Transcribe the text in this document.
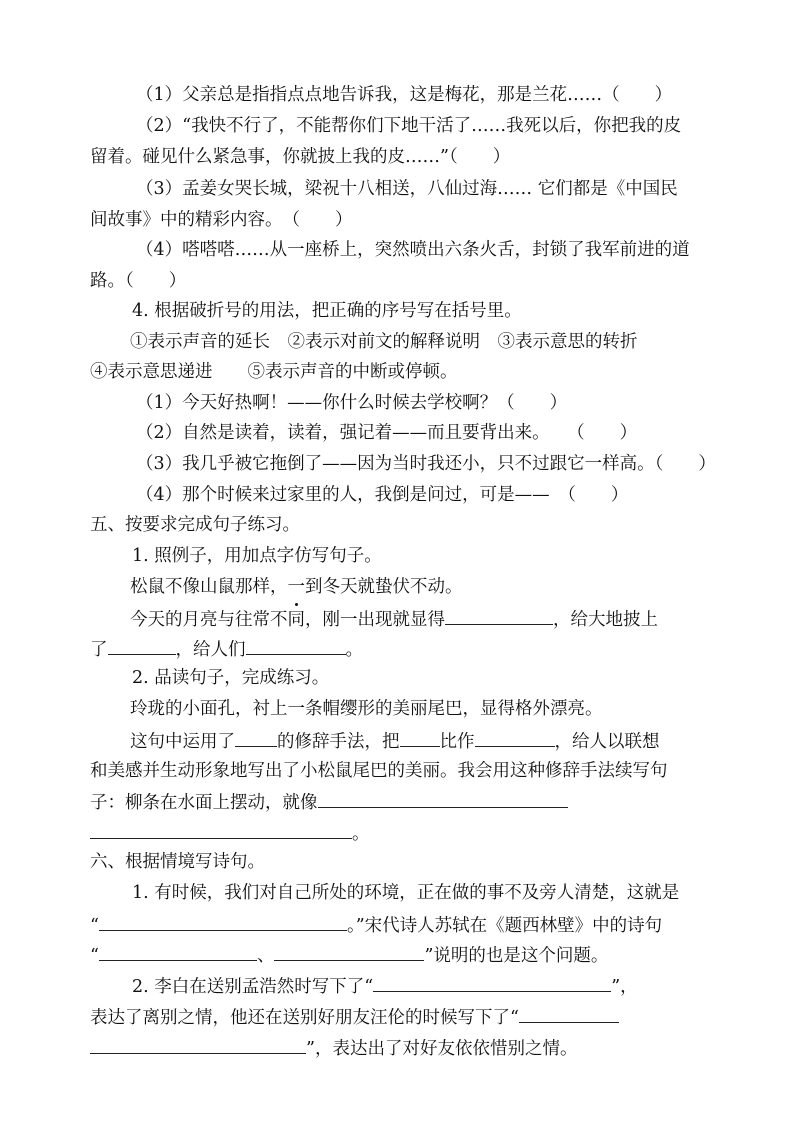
（1）父亲总是指指点点地告诉我，这是梅花，那是兰花……（　　）
（2）“我快不行了，不能帮你们下地干活了……我死以后，你把我的皮
留着。碰见什么紧急事，你就披上我的皮……”（　　）
（3）孟姜女哭长城，梁祝十八相送，八仙过海…… 它们都是《中国民
间故事》中的精彩内容。　（　　）
（4）嗒嗒嗒……从一座桥上，突然喷出六条火舌，封锁了我军前进的道
路。（　　）
4. 根据破折号的用法，把正确的序号写在括号里。
①表示声音的延长　②表示对前文的解释说明　③表示意思的转折
④表示意思递进　　⑤表示声音的中断或停顿。
（1）今天好热啊！——你什么时候去学校啊？（　　）
（2）自然是读着，读着，强记着——而且要背出来。　　（　　）
（3）我几乎被它拖倒了——因为当时我还小，只不过跟它一样高。（　　）
（4）那个时候来过家里的人，我倒是问过，可是——　（　　）
五、按要求完成句子练习。
1. 照例子，用加点字仿写句子。
松鼠不像山鼠那样，一到冬天就蛰伏不动。
今天的月亮与往常不同，刚一出现就显得	，给大地披上
了	，给人们	。
2. 品读句子，完成练习。
玲珑的小面孔，衬上一条帽缨形的美丽尾巴，显得格外漂亮。
这句中运用了 的修辞手法，把 比作	，给人以联想
和美感并生动形象地写出了小松鼠尾巴的美丽。我会用这种修辞手法续写句
子：柳条在水面上摆动，就像
。
六、根据情境写诗句。
1. 有时候，我们对自己所处的环境，正在做的事不及旁人清楚，这就是
“	。”宋代诗人苏轼在《题西林壁》中的诗句
“	、	”说明的也是这个问题。
2. 李白在送别孟浩然时写下了“	”，
表达了离别之情，他还在送别好朋友汪伦的时候写下了“
”，表达出了对好友依依惜别之情。
